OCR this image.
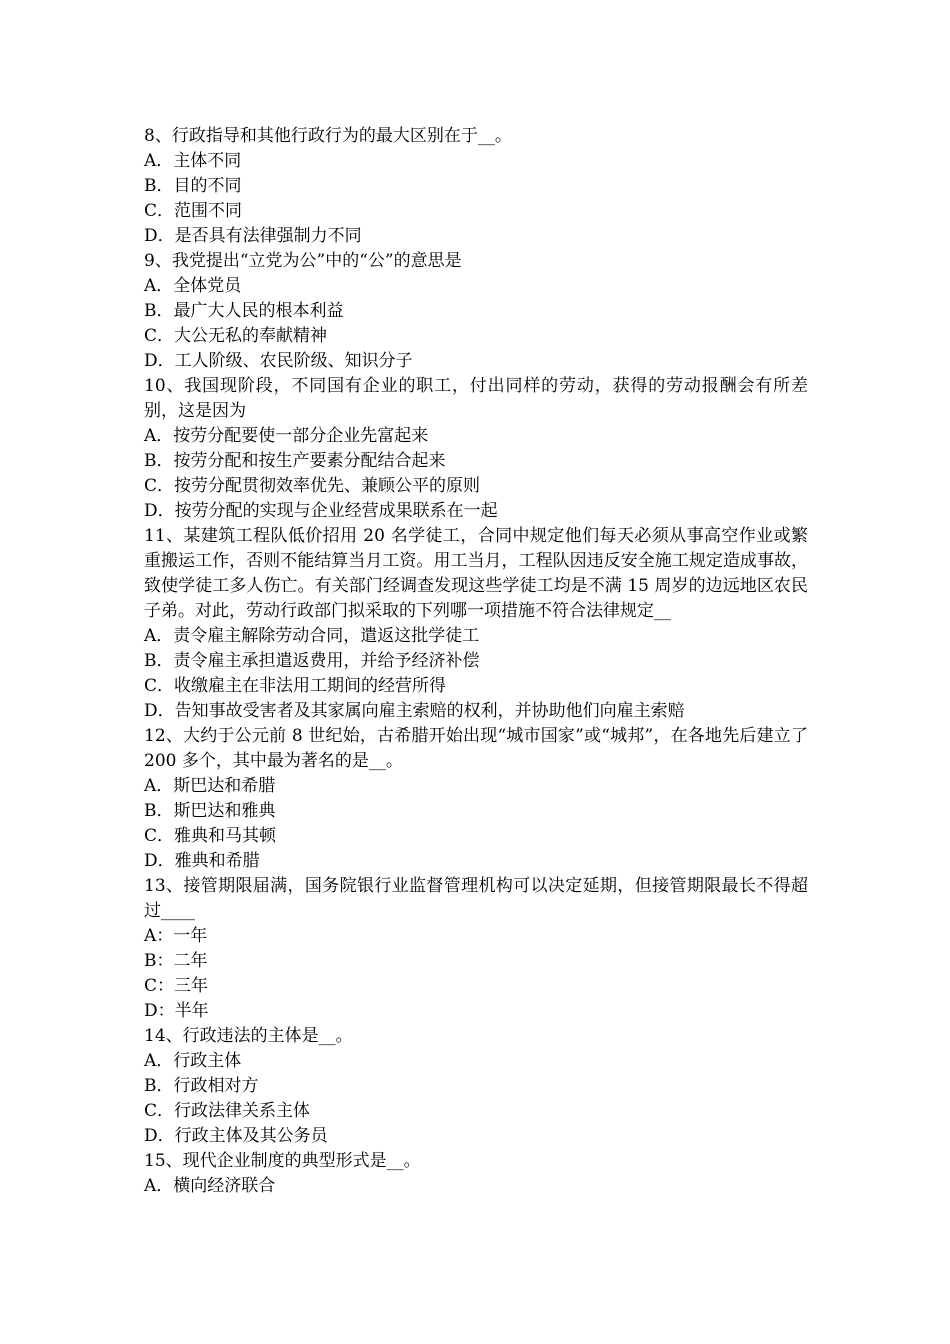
8、行政指导和其他行政行为的最大区别在于__。

A．主体不同

B．目的不同

C．范围不同

D．是否具有法律强制力不同

9、我党提出“立党为公”中的“公”的意思是

A．全体党员

B．最广大人民的根本利益

C．大公无私的奉献精神

D．工人阶级、农民阶级、知识分子

10、我国现阶段，不同国有企业的职工，付出同样的劳动，获得的劳动报酬会有所差别，这是因为

A．按劳分配要使一部分企业先富起来

B．按劳分配和按生产要素分配结合起来

C．按劳分配贯彻效率优先、兼顾公平的原则

D．按劳分配的实现与企业经营成果联系在一起

11、某建筑工程队低价招用 20 名学徒工，合同中规定他们每天必须从事高空作业或繁重搬运工作，否则不能结算当月工资。用工当月，工程队因违反安全施工规定造成事故，致使学徒工多人伤亡。有关部门经调查发现这些学徒工均是不满 15 周岁的边远地区农民子弟。对此，劳动行政部门拟采取的下列哪一项措施不符合法律规定__

A．责令雇主解除劳动合同，遣返这批学徒工

B．责令雇主承担遣返费用，并给予经济补偿

C．收缴雇主在非法用工期间的经营所得

D．告知事故受害者及其家属向雇主索赔的权利，并协助他们向雇主索赔

12、大约于公元前 8 世纪始，古希腊开始出现“城市国家”或“城邦”，在各地先后建立了 200 多个，其中最为著名的是__。

A．斯巴达和希腊

B．斯巴达和雅典

C．雅典和马其顿

D．雅典和希腊

13、接管期限届满，国务院银行业监督管理机构可以决定延期，但接管期限最长不得超过____

A：一年

B：二年

C：三年

D：半年

14、行政违法的主体是__。

A．行政主体

B．行政相对方

C．行政法律关系主体

D．行政主体及其公务员

15、现代企业制度的典型形式是__。

A．横向经济联合
